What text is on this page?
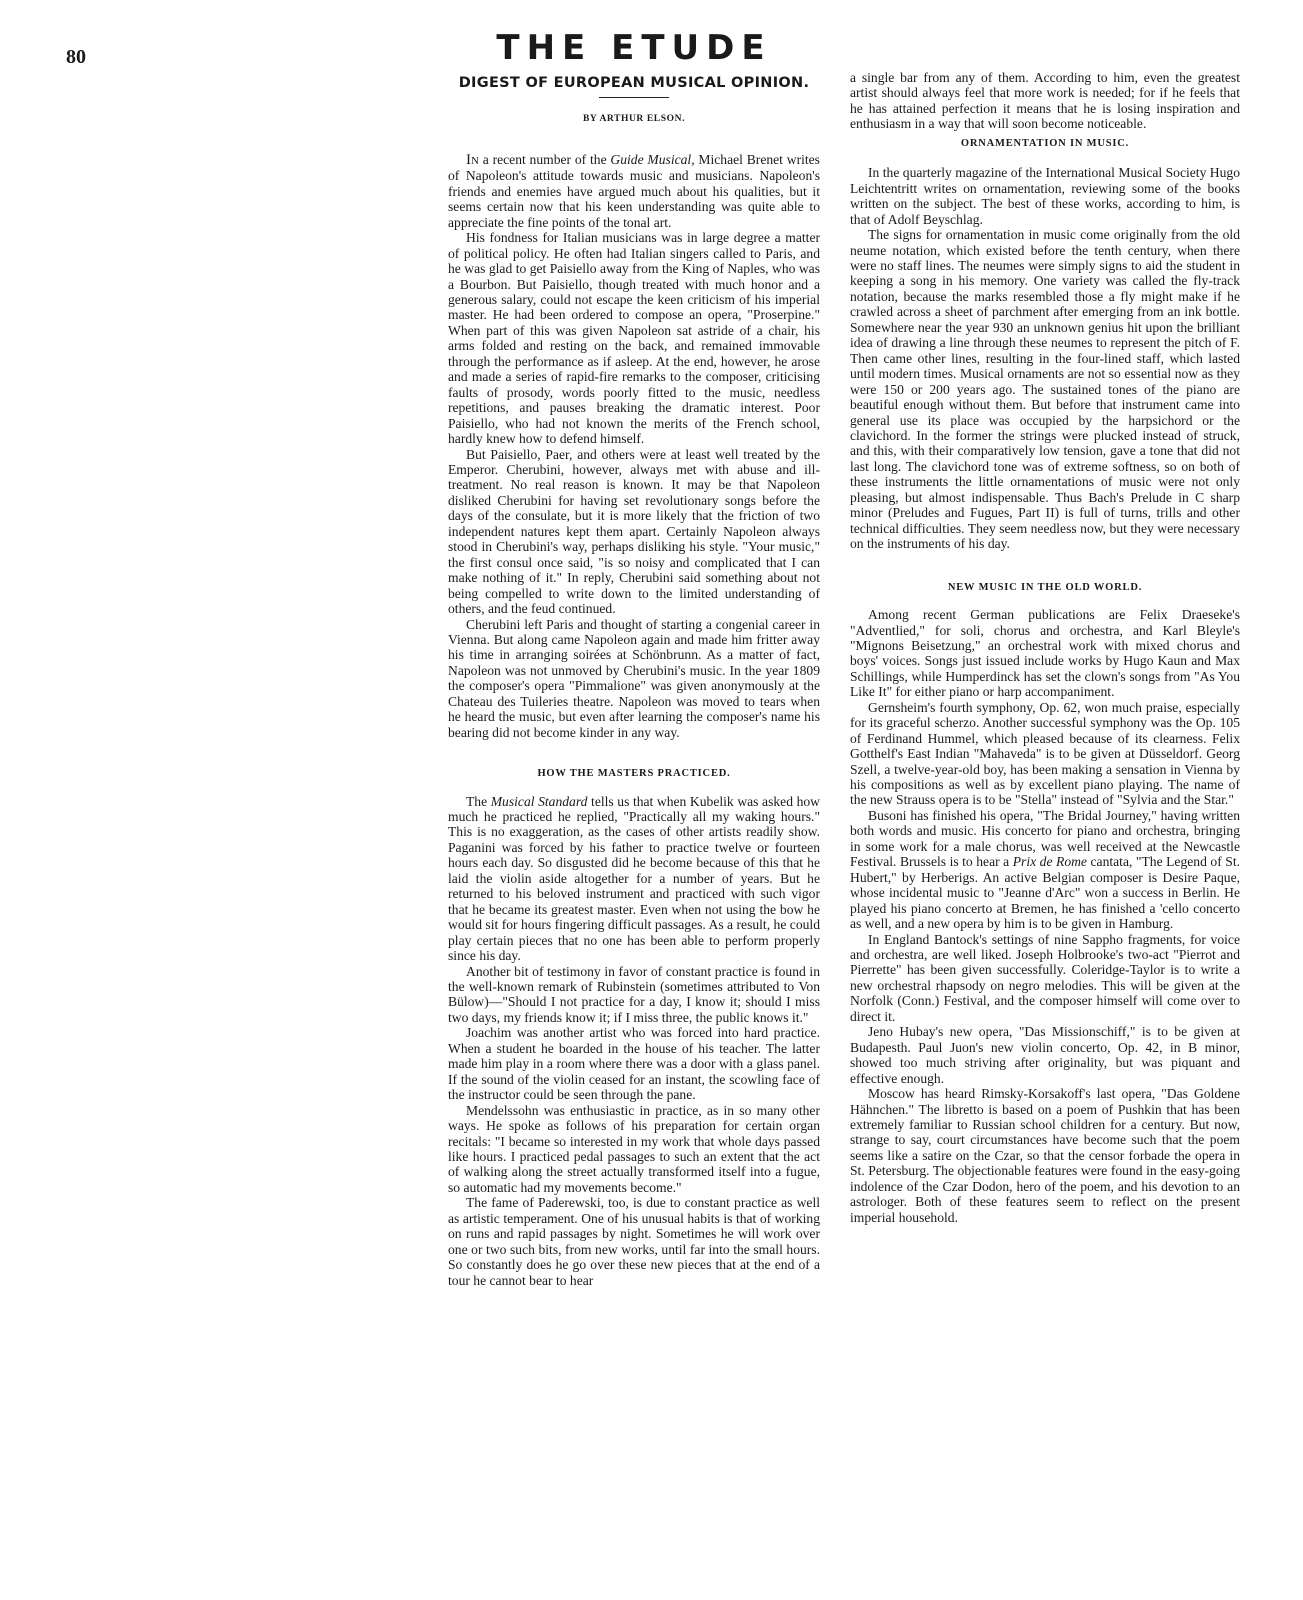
80	THE ETUDE
DIGEST OF EUROPEAN MUSICAL OPINION.
BY ARTHUR ELSON.

In a recent number of the Guide Musical, Michael Brenet writes of Napoleon's attitude towards music and musicians. Napoleon's friends and enemies have argued much about his qualities, but it seems certain now that his keen understanding was quite able to appreciate the fine points of the tonal art.

His fondness for Italian musicians was in large degree a matter of political policy. He often had Italian singers called to Paris, and he was glad to get Paisiello away from the King of Naples, who was a Bourbon. But Paisiello, though treated with much honor and a generous salary, could not escape the keen criticism of his imperial master. He had been ordered to compose an opera, "Proserpine." When part of this was given Napoleon sat astride of a chair, his arms folded and resting on the back, and remained immovable through the performance as if asleep. At the end, however, he arose and made a series of rapid-fire remarks to the composer, criticising faults of prosody, words poorly fitted to the music, needless repetitions, and pauses breaking the dramatic interest. Poor Paisiello, who had not known the merits of the French school, hardly knew how to defend himself.

But Paisiello, Paer, and others were at least well treated by the Emperor. Cherubini, however, always met with abuse and ill-treatment. No real reason is known. It may be that Napoleon disliked Cherubini for having set revolutionary songs before the days of the consulate, but it is more likely that the friction of two independent natures kept them apart. Certainly Napoleon always stood in Cherubini's way, perhaps disliking his style. "Your music," the first consul once said, "is so noisy and complicated that I can make nothing of it." In reply, Cherubini said something about not being compelled to write down to the limited understanding of others, and the feud continued.

Cherubini left Paris and thought of starting a congenial career in Vienna. But along came Napoleon again and made him fritter away his time in arranging soirées at Schönbrunn. As a matter of fact, Napoleon was not unmoved by Cherubini's music. In the year 1809 the composer's opera "Pimmalione" was given anonymously at the Chateau des Tuileries theatre. Napoleon was moved to tears when he heard the music, but even after learning the composer's name his bearing did not become kinder in any way.

HOW THE MASTERS PRACTICED.

The Musical Standard tells us that when Kubelik was asked how much he practiced he replied, "Practically all my waking hours." This is no exaggeration, as the cases of other artists readily show. Paganini was forced by his father to practice twelve or fourteen hours each day. So disgusted did he become because of this that he laid the violin aside altogether for a number of years. But he returned to his beloved instrument and practiced with such vigor that he became its greatest master. Even when not using the bow he would sit for hours fingering difficult passages. As a result, he could play certain pieces that no one has been able to perform properly since his day.

Another bit of testimony in favor of constant practice is found in the well-known remark of Rubinstein (sometimes attributed to Von Bülow)—"Should I not practice for a day, I know it; should I miss two days, my friends know it; if I miss three, the public knows it."

Joachim was another artist who was forced into hard practice. When a student he boarded in the house of his teacher. The latter made him play in a room where there was a door with a glass panel. If the sound of the violin ceased for an instant, the scowling face of the instructor could be seen through the pane.

Mendelssohn was enthusiastic in practice, as in so many other ways. He spoke as follows of his preparation for certain organ recitals: "I became so interested in my work that whole days passed like hours. I practiced pedal passages to such an extent that the act of walking along the street actually transformed itself into a fugue, so automatic had my movements become."

The fame of Paderewski, too, is due to constant practice as well as artistic temperament. One of his unusual habits is that of working on runs and rapid passages by night. Sometimes he will work over one or two such bits, from new works, until far into the small hours. So constantly does he go over these new pieces that at the end of a tour he cannot bear to hear

a single bar from any of them. According to him, even the greatest artist should always feel that more work is needed; for if he feels that he has attained perfection it means that he is losing inspiration and enthusiasm in a way that will soon become noticeable.

ORNAMENTATION IN MUSIC.

In the quarterly magazine of the International Musical Society Hugo Leichtentritt writes on ornamentation, reviewing some of the books written on the subject. The best of these works, according to him, is that of Adolf Beyschlag.

The signs for ornamentation in music come originally from the old neume notation, which existed before the tenth century, when there were no staff lines. The neumes were simply signs to aid the student in keeping a song in his memory. One variety was called the fly-track notation, because the marks resembled those a fly might make if he crawled across a sheet of parchment after emerging from an ink bottle. Somewhere near the year 930 an unknown genius hit upon the brilliant idea of drawing a line through these neumes to represent the pitch of F. Then came other lines, resulting in the four-lined staff, which lasted until modern times. Musical ornaments are not so essential now as they were 150 or 200 years ago. The sustained tones of the piano are beautiful enough without them. But before that instrument came into general use its place was occupied by the harpsichord or the clavichord. In the former the strings were plucked instead of struck, and this, with their comparatively low tension, gave a tone that did not last long. The clavichord tone was of extreme softness, so on both of these instruments the little ornamentations of music were not only pleasing, but almost indispensable. Thus Bach's Prelude in C sharp minor (Preludes and Fugues, Part II) is full of turns, trills and other technical difficulties. They seem needless now, but they were necessary on the instruments of his day.

NEW MUSIC IN THE OLD WORLD.

Among recent German publications are Felix Draeseke's "Adventlied," for soli, chorus and orchestra, and Karl Bleyle's "Mignons Beisetzung," an orchestral work with mixed chorus and boys' voices. Songs just issued include works by Hugo Kaun and Max Schillings, while Humperdinck has set the clown's songs from "As You Like It" for either piano or harp accompaniment.

Gernsheim's fourth symphony, Op. 62, won much praise, especially for its graceful scherzo. Another successful symphony was the Op. 105 of Ferdinand Hummel, which pleased because of its clearness. Felix Gotthelf's East Indian "Mahaveda" is to be given at Düsseldorf. Georg Szell, a twelve-year-old boy, has been making a sensation in Vienna by his compositions as well as by excellent piano playing. The name of the new Strauss opera is to be "Stella" instead of "Sylvia and the Star."

Busoni has finished his opera, "The Bridal Journey," having written both words and music. His concerto for piano and orchestra, bringing in some work for a male chorus, was well received at the Newcastle Festival. Brussels is to hear a Prix de Rome cantata, "The Legend of St. Hubert," by Herberigs. An active Belgian composer is Desire Paque, whose incidental music to "Jeanne d'Arc" won a success in Berlin. He played his piano concerto at Bremen, he has finished a 'cello concerto as well, and a new opera by him is to be given in Hamburg.

In England Bantock's settings of nine Sappho fragments, for voice and orchestra, are well liked. Joseph Holbrooke's two-act "Pierrot and Pierrette" has been given successfully. Coleridge-Taylor is to write a new orchestral rhapsody on negro melodies. This will be given at the Norfolk (Conn.) Festival, and the composer himself will come over to direct it.

Jeno Hubay's new opera, "Das Missionschiff," is to be given at Budapesth. Paul Juon's new violin concerto, Op. 42, in B minor, showed too much striving after originality, but was piquant and effective enough.

Moscow has heard Rimsky-Korsakoff's last opera, "Das Goldene Hähnchen." The libretto is based on a poem of Pushkin that has been extremely familiar to Russian school children for a century. But now, strange to say, court circumstances have become such that the poem seems like a satire on the Czar, so that the censor forbade the opera in St. Petersburg. The objectionable features were found in the easy-going indolence of the Czar Dodon, hero of the poem, and his devotion to an astrologer. Both of these features seem to reflect on the present imperial household.
